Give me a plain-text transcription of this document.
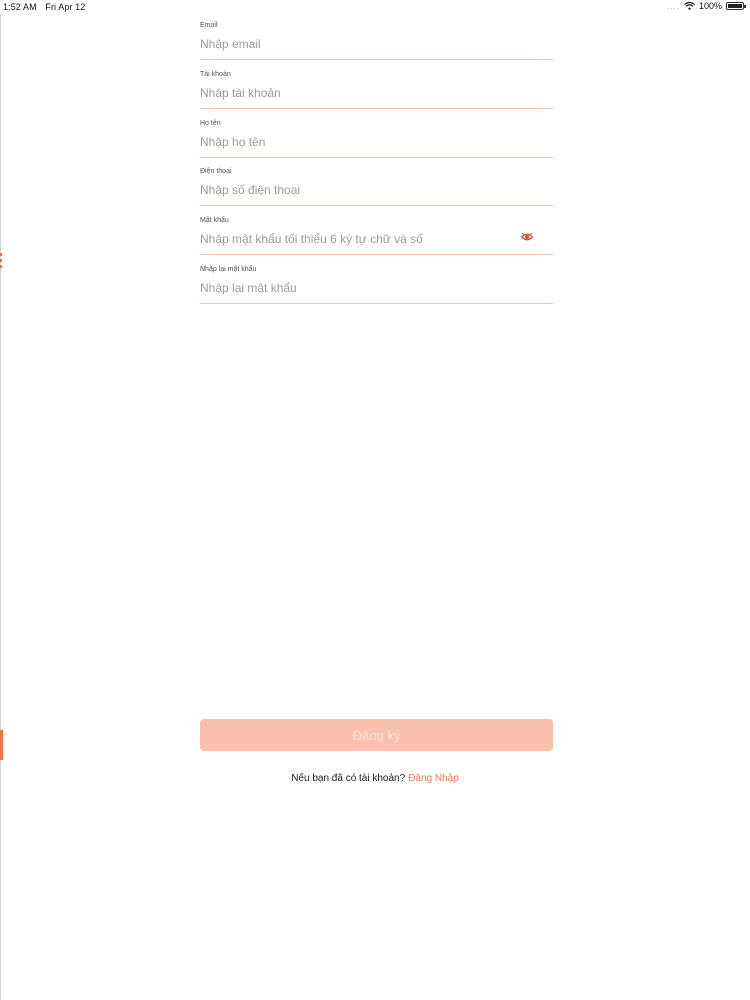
1:52 AM Fri Apr 12	.... 100%
Email
Nhập email
Tài khoản
Nhập tài khoản
Họ tên
Nhập họ tên
Điện thoại
Nhập số điện thoại
Mật khẩu
Nhập lại mật khẩu
Đăng ký
Nếu bạn đã có tài khoản? Đăng Nhập
